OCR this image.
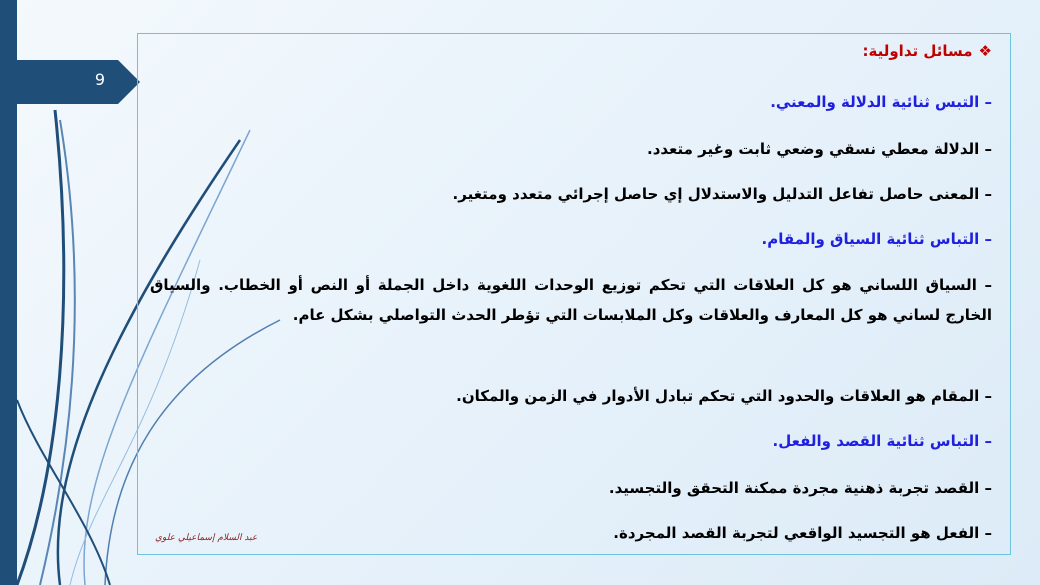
9
❖مسائل تداولية:
– التبس ثنائية الدلالة والمعني.
– الدلالة معطي نسقي وضعي ثابت وغير متعدد.
– المعنى حاصل تفاعل التدليل والاستدلال إي حاصل إجرائي متعدد ومتغير.
– التباس ثنائية السياق والمقام.
– السياق اللساني هو كل العلاقات التي تحكم توزيع الوحدات اللغوية داخل الجملة أو النص أو الخطاب. والسياق الخارج لساني هو كل المعارف والعلاقات وكل الملابسات التي تؤطر الحدث التواصلي بشكل عام.
– المقام هو العلاقات والحدود التي تحكم تبادل الأدوار في الزمن والمكان.
– التباس ثنائية القصد والفعل.
– القصد تجربة ذهنية مجردة ممكنة التحقق والتجسيد.
– الفعل هو التجسيد الواقعي لتجربة القصد المجردة.
عبد السلام إسماعيلي علوي
